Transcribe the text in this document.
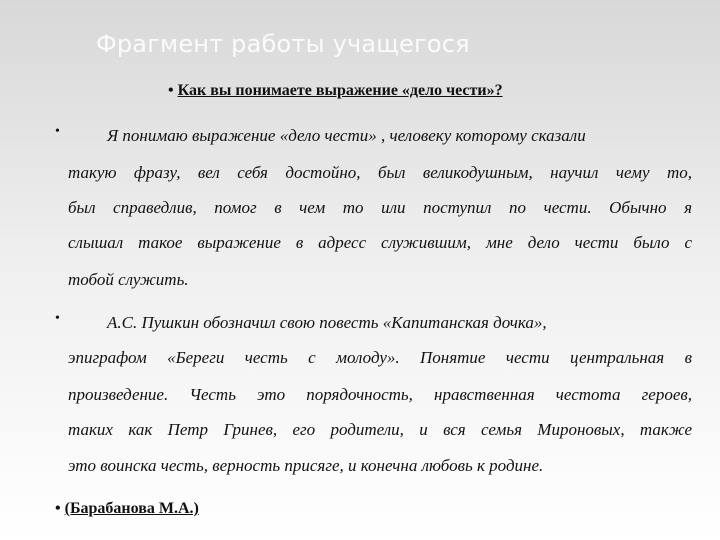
Фрагмент работы учащегося
• Как вы понимаете выражение «дело чести»?
•	Я понимаю выражение «дело чести» , человеку которому сказали
такую фразу, вел себя достойно, был великодушным, научил чему то,
был справедлив, помог в чем то или поступил по чести. Обычно я
слышал такое выражение в адресс служившим, мне дело чести было с
тобой служить.
•	А.С. Пушкин обозначил свою повесть «Капитанская дочка»,
эпиграфом «Береги честь с молоду». Понятие чести центральная в
произведение. Честь это порядочность, нравственная честота героев,
таких как Петр Гринев, его родители, и вся семья Мироновых, также
это воинска честь, верность присяге, и конечна любовь к родине.
• (Барабанова М.А.)
